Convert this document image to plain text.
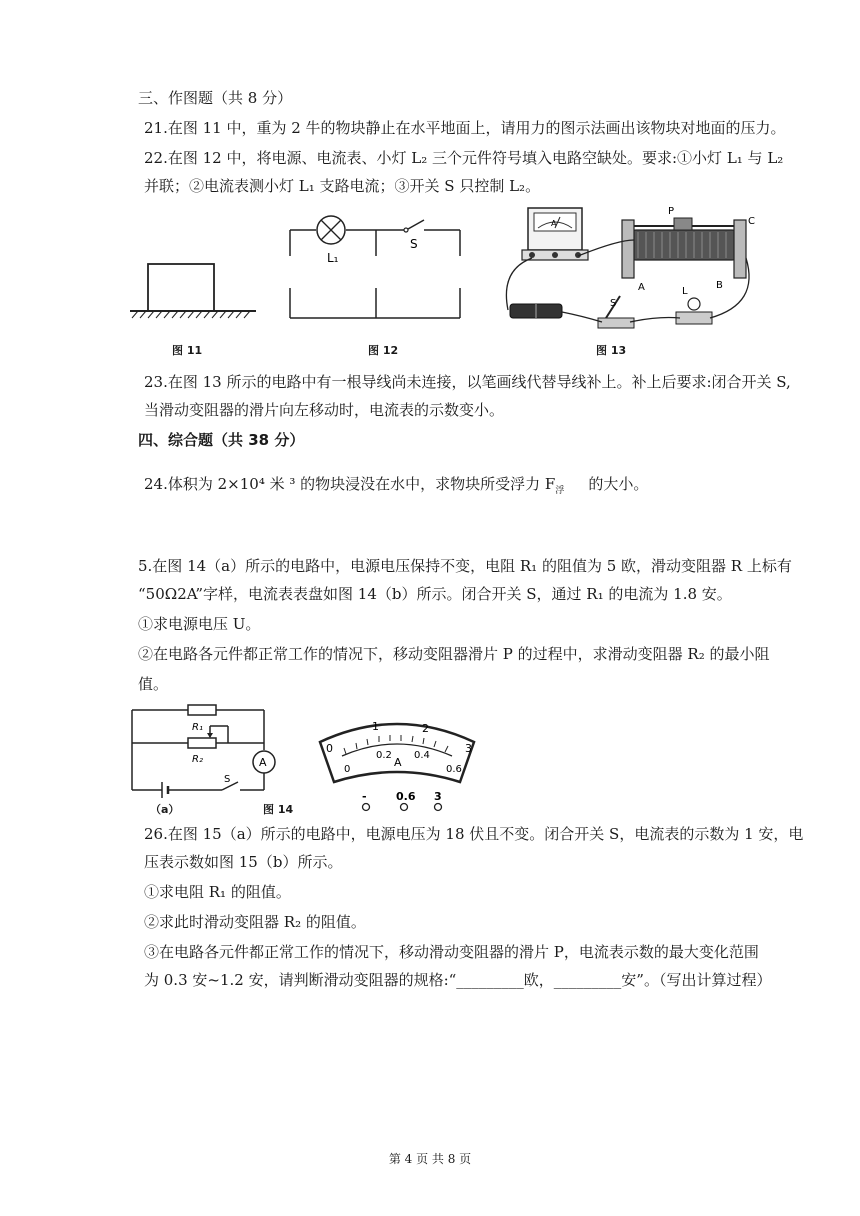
三、作图题（共 8 分）
21.在图 11 中，重为 2 牛的物块静止在水平地面上，请用力的图示法画出该物块对地面的压力。
22.在图 12 中，将电源、电流表、小灯 L₂ 三个元件符号填入电路空缺处。要求:①小灯 L₁ 与 L₂
并联；②电流表测小灯 L₁ 支路电流；③开关 S 只控制 L₂。
图 11
L₁
S
图 12
A
P
C
A	B
S
L
图 13
23.在图 13 所示的电路中有一根导线尚未连接，以笔画线代替导线补上。补上后要求:闭合开关 S,
当滑动变阻器的滑片向左移动时，电流表的示数变小。
四、综合题（共 38 分）
24.体积为 2×10⁴ 米 ³ 的物块浸没在水中，求物块所受浮力 $F_浮$ 的大小。
5.在图 14（a）所示的电路中，电源电压保持不变，电阻 R₁ 的阻值为 5 欧，滑动变阻器 R 上标有
“50Ω2A”字样，电流表表盘如图 14（b）所示。闭合开关 S，通过 R₁ 的电流为 1.8 安。
①求电源电压 U。
②在电路各元件都正常工作的情况下，移动变阻器滑片 P 的过程中，求滑动变阻器 R₂ 的最小阻
值。
A
R₁
R₂
S
（a）	图 14
0
1	2
3
0
0.2 0.4
0.6
A
-	0.6 3
26.在图 15（a）所示的电路中，电源电压为 18 伏且不变。闭合开关 S，电流表的示数为 1 安，电
压表示数如图 15（b）所示。
①求电阻 R₁ 的阻值。
②求此时滑动变阻器 R₂ 的阻值。
③在电路各元件都正常工作的情况下，移动滑动变阻器的滑片 P，电流表示数的最大变化范围
为 0.3 安~1.2 安，请判断滑动变阻器的规格:“_________欧，_________安”。（写出计算过程）
第 4 页 共 8 页
